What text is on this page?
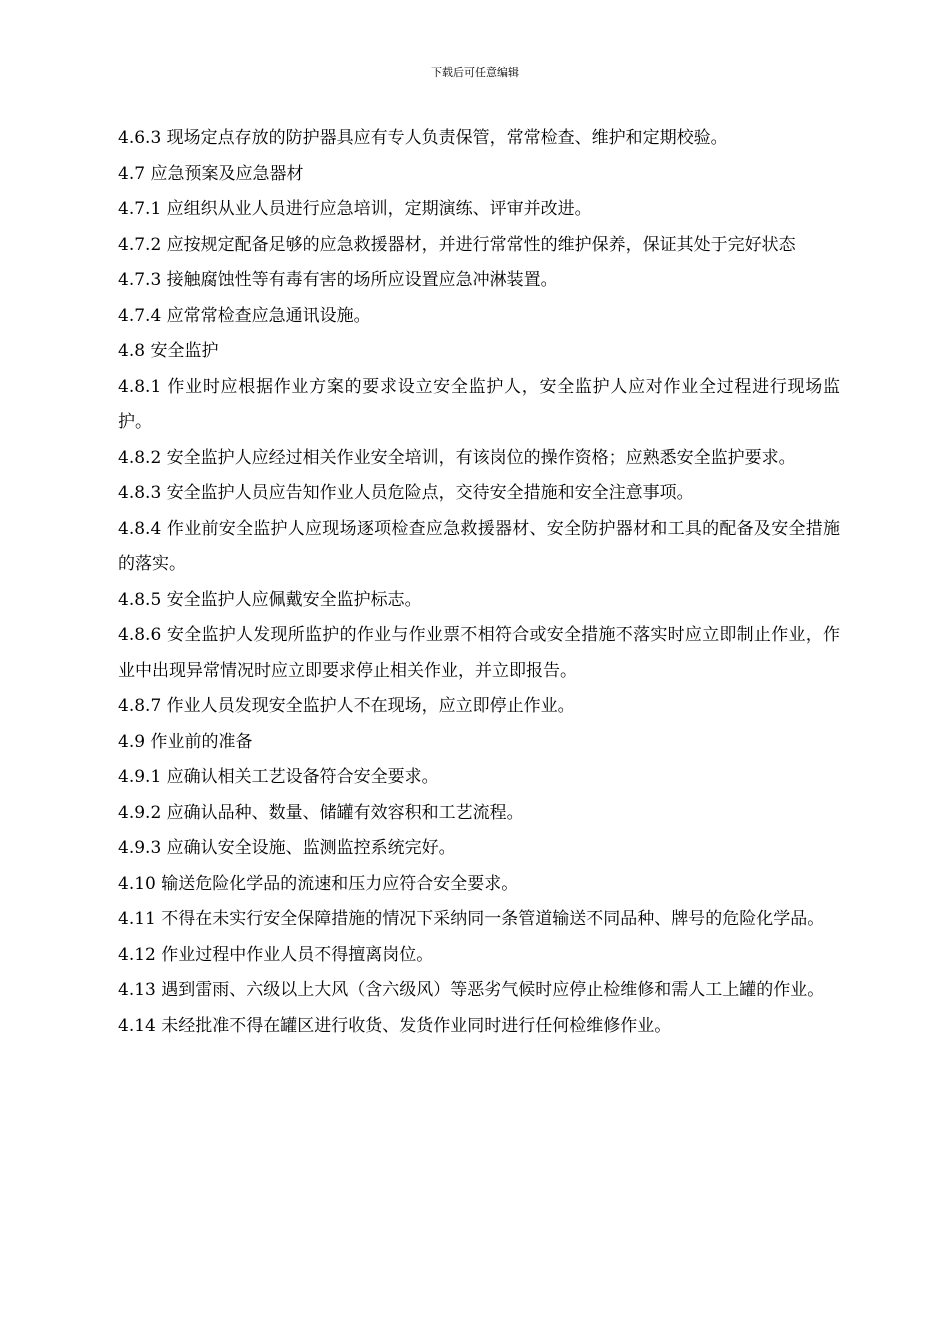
下载后可任意编辑

4.6.3 现场定点存放的防护器具应有专人负责保管，常常检查、维护和定期校验。

4.7 应急预案及应急器材

4.7.1 应组织从业人员进行应急培训，定期演练、评审并改进。

4.7.2 应按规定配备足够的应急救援器材，并进行常常性的维护保养，保证其处于完好状态

4.7.3 接触腐蚀性等有毒有害的场所应设置应急冲淋装置。

4.7.4 应常常检查应急通讯设施。

4.8 安全监护

4.8.1 作业时应根据作业方案的要求设立安全监护人，安全监护人应对作业全过程进行现场监护。

4.8.2 安全监护人应经过相关作业安全培训，有该岗位的操作资格；应熟悉安全监护要求。

4.8.3 安全监护人员应告知作业人员危险点，交待安全措施和安全注意事项。

4.8.4 作业前安全监护人应现场逐项检查应急救援器材、安全防护器材和工具的配备及安全措施的落实。

4.8.5 安全监护人应佩戴安全监护标志。

4.8.6 安全监护人发现所监护的作业与作业票不相符合或安全措施不落实时应立即制止作业，作业中出现异常情况时应立即要求停止相关作业，并立即报告。

4.8.7 作业人员发现安全监护人不在现场，应立即停止作业。

4.9 作业前的准备

4.9.1 应确认相关工艺设备符合安全要求。

4.9.2 应确认品种、数量、储罐有效容积和工艺流程。

4.9.3 应确认安全设施、监测监控系统完好。

4.10 输送危险化学品的流速和压力应符合安全要求。

4.11 不得在未实行安全保障措施的情况下采纳同一条管道输送不同品种、牌号的危险化学品。

4.12 作业过程中作业人员不得擅离岗位。

4.13 遇到雷雨、六级以上大风（含六级风）等恶劣气候时应停止检维修和需人工上罐的作业。

4.14 未经批准不得在罐区进行收货、发货作业同时进行任何检维修作业。
